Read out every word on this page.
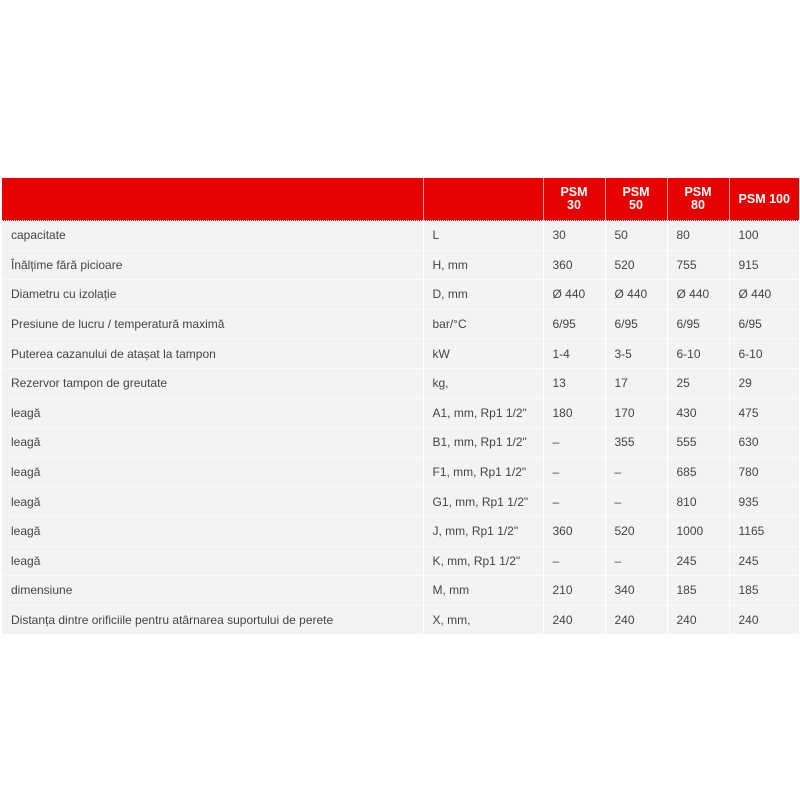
		PSM 30	PSM 50	PSM 80	PSM 100
capacitate	L	30	50	80	100
Înălțime fără picioare	H, mm	360	520	755	915
Diametru cu izolație	D, mm	Ø 440	Ø 440	Ø 440	Ø 440
Presiune de lucru / temperatură maximă	bar/°C	6/95	6/95	6/95	6/95
Puterea cazanului de atașat la tampon	kW	1-4	3-5	6-10	6-10
Rezervor tampon de greutate	kg,	13	17	25	29
leagă	A1, mm, Rp1 1/2"	180	170	430	475
leagă	B1, mm, Rp1 1/2"	–	355	555	630
leagă	F1, mm, Rp1 1/2"	–	–	685	780
leagă	G1, mm, Rp1 1/2"	–	–	810	935
leagă	J, mm, Rp1 1/2"	360	520	1000	1165
leagă	K, mm, Rp1 1/2"	–	–	245	245
dimensiune	M, mm	210	340	185	185
Distanța dintre orificiile pentru atârnarea suportului de perete	X, mm,	240	240	240	240
